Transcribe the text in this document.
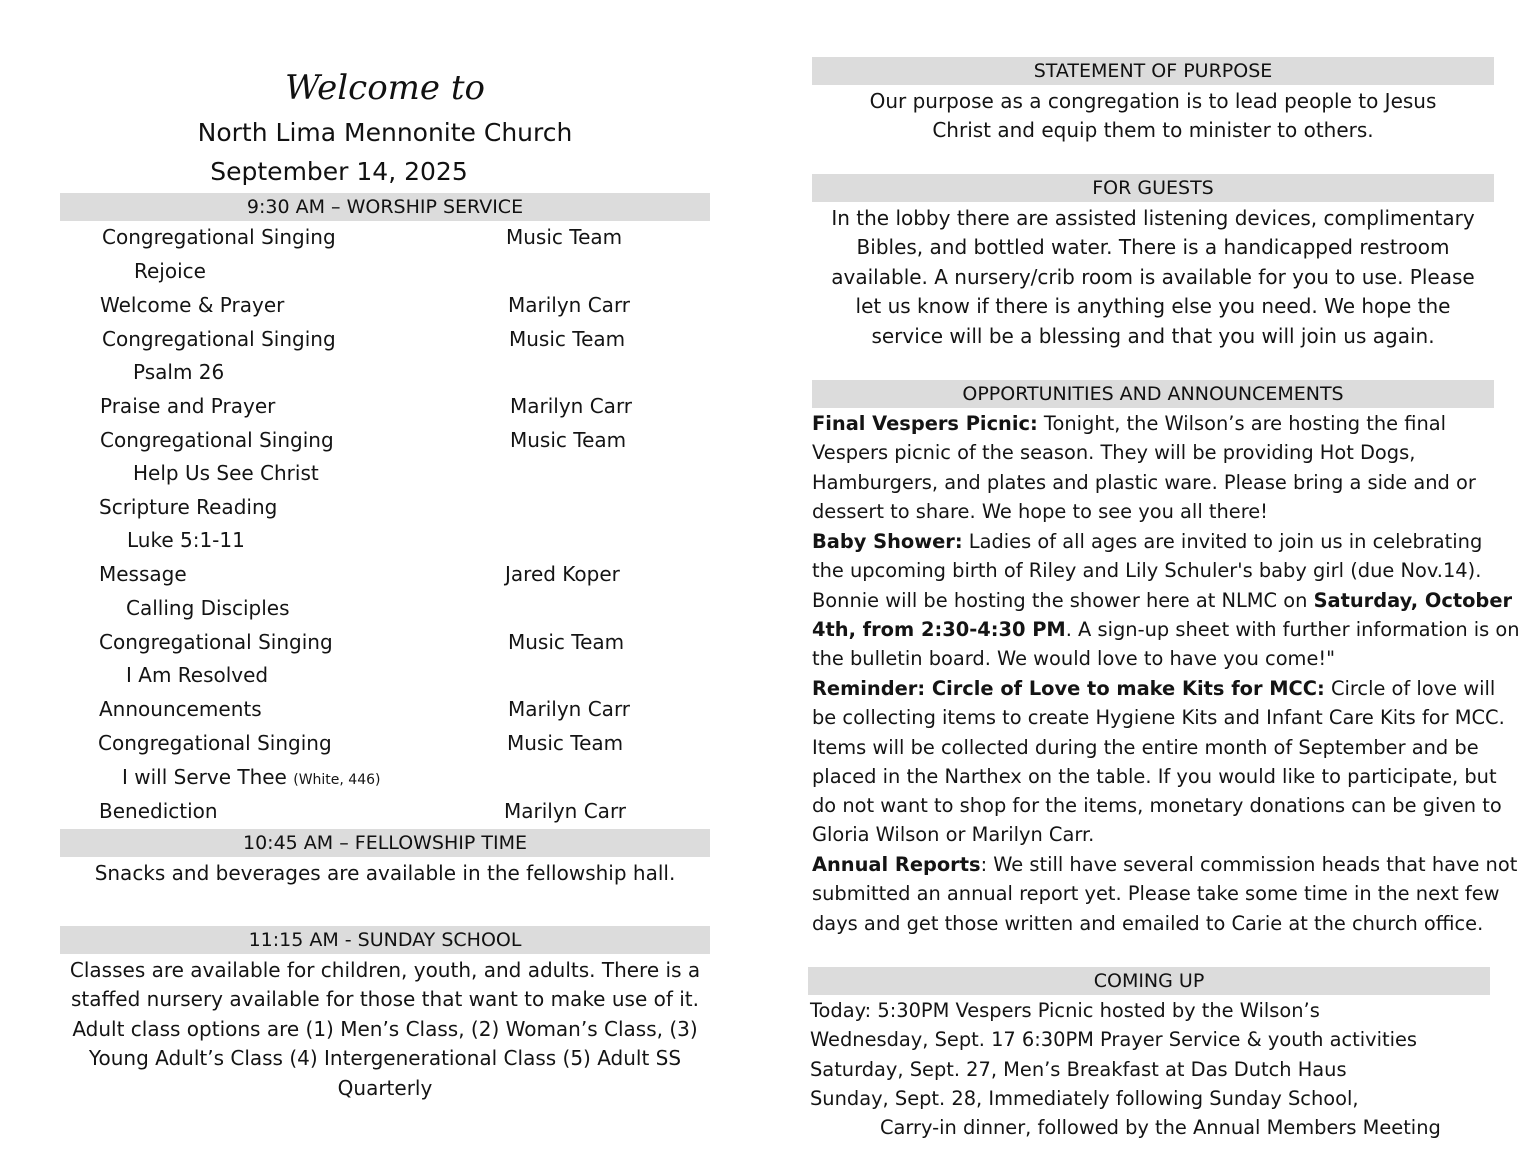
Welcome to
North Lima Mennonite Church
September 14, 2025
9:30 AM – WORSHIP SERVICE
Congregational Singing	Music Team
Rejoice
Welcome & Prayer	Marilyn Carr
Congregational Singing	Music Team
Psalm 26
Praise and Prayer	Marilyn Carr
Congregational Singing	Music Team
Help Us See Christ
Scripture Reading
Luke 5:1-11
Message	Jared Koper
Calling Disciples
Congregational Singing	Music Team
I Am Resolved
Announcements	Marilyn Carr
Congregational Singing	Music Team
I will Serve Thee (White, 446)
Benediction	Marilyn Carr
10:45 AM – FELLOWSHIP TIME
Snacks and beverages are available in the fellowship hall.
11:15 AM - SUNDAY SCHOOL
Classes are available for children, youth, and adults. There is a
staffed nursery available for those that want to make use of it.
Adult class options are (1) Men’s Class, (2) Woman’s Class, (3)
Young Adult’s Class (4) Intergenerational Class (5) Adult SS
Quarterly
STATEMENT OF PURPOSE
Our purpose as a congregation is to lead people to Jesus
Christ and equip them to minister to others.
FOR GUESTS
In the lobby there are assisted listening devices, complimentary
Bibles, and bottled water. There is a handicapped restroom
available. A nursery/crib room is available for you to use. Please
let us know if there is anything else you need. We hope the
service will be a blessing and that you will join us again.
OPPORTUNITIES AND ANNOUNCEMENTS
Final Vespers Picnic: Tonight, the Wilson’s are hosting the final Vespers picnic of the season. They will be providing Hot Dogs, Hamburgers, and plates and plastic ware. Please bring a side and or dessert to share. We hope to see you all there!
Baby Shower: Ladies of all ages are invited to join us in celebrating the upcoming birth of Riley and Lily Schuler's baby girl (due Nov.14). Bonnie will be hosting the shower here at NLMC on Saturday, October 4th, from 2:30-4:30 PM. A sign-up sheet with further information is on the bulletin board. We would love to have you come!"
Reminder: Circle of Love to make Kits for MCC: Circle of love will be collecting items to create Hygiene Kits and Infant Care Kits for MCC. Items will be collected during the entire month of September and be placed in the Narthex on the table. If you would like to participate, but do not want to shop for the items, monetary donations can be given to Gloria Wilson or Marilyn Carr.
Annual Reports: We still have several commission heads that have not submitted an annual report yet. Please take some time in the next few days and get those written and emailed to Carie at the church office.
COMING UP
Today: 5:30PM Vespers Picnic hosted by the Wilson’s
Wednesday, Sept. 17 6:30PM Prayer Service & youth activities
Saturday, Sept. 27, Men’s Breakfast at Das Dutch Haus
Sunday, Sept. 28, Immediately following Sunday School,
Carry-in dinner, followed by the Annual Members Meeting
